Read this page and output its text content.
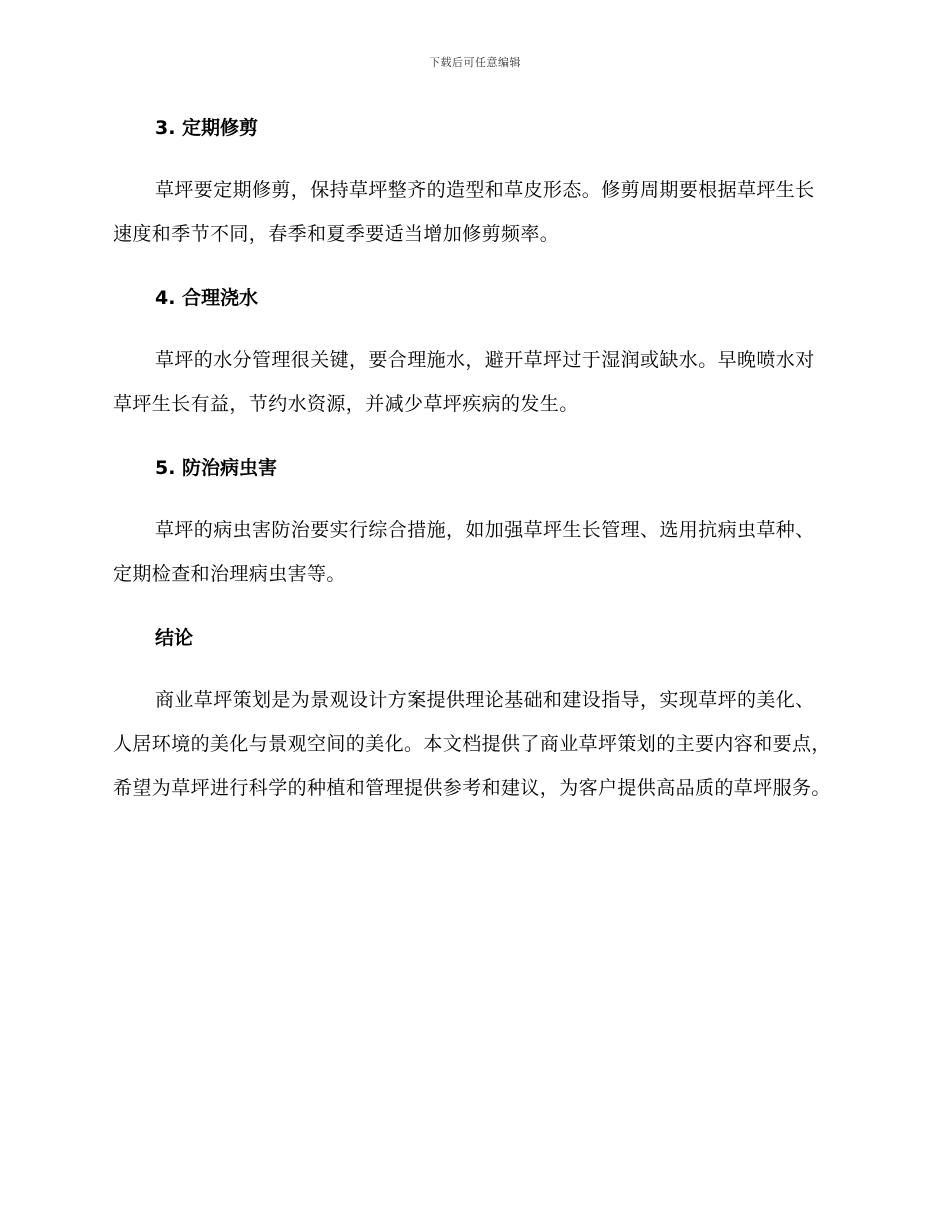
下载后可任意编辑
3. 定期修剪

草坪要定期修剪，保持草坪整齐的造型和草皮形态。修剪周期要根据草坪生长速度和季节不同，春季和夏季要适当增加修剪频率。

4. 合理浇水

草坪的水分管理很关键，要合理施水，避开草坪过于湿润或缺水。早晚喷水对草坪生长有益，节约水资源，并减少草坪疾病的发生。

5. 防治病虫害

草坪的病虫害防治要实行综合措施，如加强草坪生长管理、选用抗病虫草种、定期检查和治理病虫害等。

结论

商业草坪策划是为景观设计方案提供理论基础和建设指导，实现草坪的美化、人居环境的美化与景观空间的美化。本文档提供了商业草坪策划的主要内容和要点，希望为草坪进行科学的种植和管理提供参考和建议，为客户提供高品质的草坪服务。
